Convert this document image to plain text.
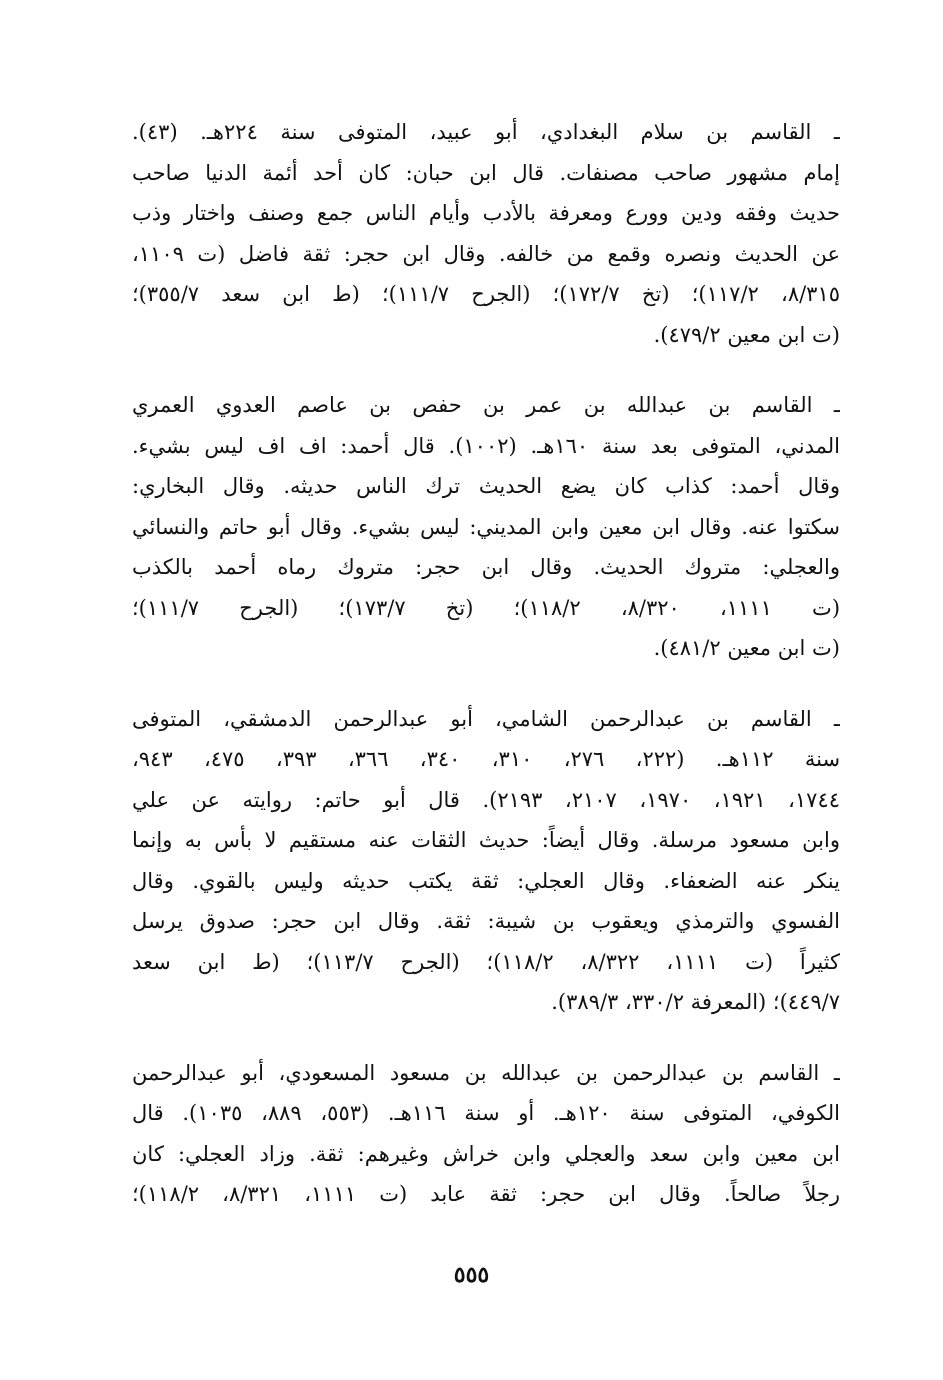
ـ القاسم بن سلام البغدادي، أبو عبيد، المتوفى سنة ٢٢٤هـ. (٤٣).
إمام مشهور صاحب مصنفات. قال ابن حبان: كان أحد أئمة الدنيا صاحب
حديث وفقه ودين وورع ومعرفة بالأدب وأيام الناس جمع وصنف واختار وذب
عن الحديث ونصره وقمع من خالفه. وقال ابن حجر: ثقة فاضل (ت ١١٠٩،
٨/٣١٥، ١١٧/٢)؛ (تخ ١٧٢/٧)؛ (الجرح ١١١/٧)؛ (ط ابن سعد ٣٥٥/٧)؛
(ت ابن معين ٤٧٩/٢).
ـ القاسم بن عبدالله بن عمر بن حفص بن عاصم العدوي العمري
المدني، المتوفى بعد سنة ١٦٠هـ. (١٠٠٢). قال أحمد: اف اف ليس بشيء.
وقال أحمد: كذاب كان يضع الحديث ترك الناس حديثه. وقال البخاري:
سكتوا عنه. وقال ابن معين وابن المديني: ليس بشيء. وقال أبو حاتم والنسائي
والعجلي: متروك الحديث. وقال ابن حجر: متروك رماه أحمد بالكذب
(ت ١١١١، ٨/٣٢٠، ١١٨/٢)؛ (تخ ١٧٣/٧)؛ (الجرح ١١١/٧)؛
(ت ابن معين ٤٨١/٢).
ـ القاسم بن عبدالرحمن الشامي، أبو عبدالرحمن الدمشقي، المتوفى
سنة ١١٢هـ. (٢٢٢، ٢٧٦، ٣١٠، ٣٤٠، ٣٦٦، ٣٩٣، ٤٧٥، ٩٤٣،
١٧٤٤، ١٩٢١، ١٩٧٠، ٢١٠٧، ٢١٩٣). قال أبو حاتم: روايته عن علي
وابن مسعود مرسلة. وقال أيضاً: حديث الثقات عنه مستقيم لا بأس به وإنما
ينكر عنه الضعفاء. وقال العجلي: ثقة يكتب حديثه وليس بالقوي. وقال
الفسوي والترمذي ويعقوب بن شيبة: ثقة. وقال ابن حجر: صدوق يرسل
كثيراً (ت ١١١١، ٨/٣٢٢، ١١٨/٢)؛ (الجرح ١١٣/٧)؛ (ط ابن سعد
٤٤٩/٧)؛ (المعرفة ٣٣٠/٢، ٣٨٩/٣).
ـ القاسم بن عبدالرحمن بن عبدالله بن مسعود المسعودي، أبو عبدالرحمن
الكوفي، المتوفى سنة ١٢٠هـ. أو سنة ١١٦هـ. (٥٥٣، ٨٨٩، ١٠٣٥). قال
ابن معين وابن سعد والعجلي وابن خراش وغيرهم: ثقة. وزاد العجلي: كان
رجلاً صالحاً. وقال ابن حجر: ثقة عابد (ت ١١١١، ٨/٣٢١، ١١٨/٢)؛
٥٥٥
